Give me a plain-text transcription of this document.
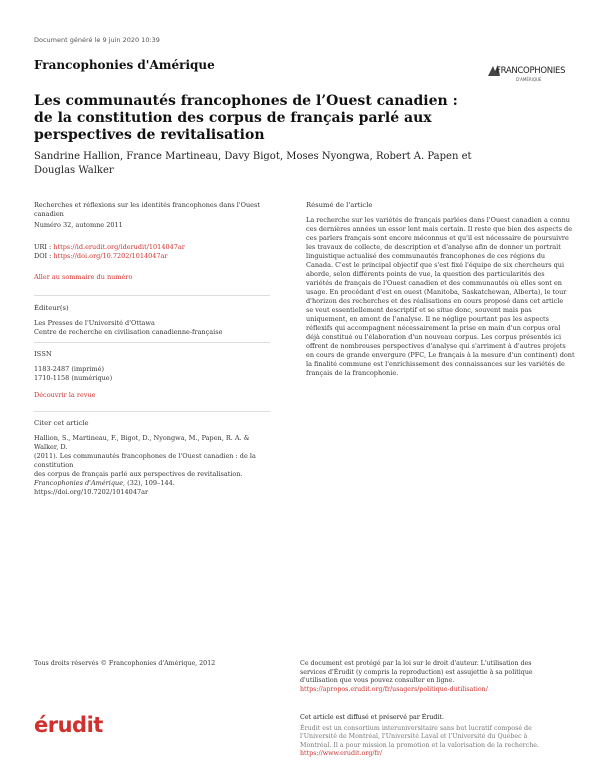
Document généré le 9 juin 2020 10:39
Francophonies d'Amérique	FRANCOPHONIES
D'AMÉRIQUE
Les communautés francophones de l’Ouest canadien : de la constitution des corpus de français parlé aux perspectives de revitalisation
Sandrine Hallion, France Martineau, Davy Bigot, Moses Nyongwa, Robert A. Papen et Douglas Walker
Recherches et réflexions sur les identités francophones dans l'Ouest canadien
Numéro 32, automne 2011
URI : https://id.erudit.org/iderudit/1014047ar
DOI : https://doi.org/10.7202/1014047ar
Aller au sommaire du numéro
Éditeur(s)
Les Presses de l'Université d'Ottawa
Centre de recherche en civilisation canadienne-française
ISSN
1183-2487 (imprimé)
1710-1158 (numérique)
Découvrir la revue
Citer cet article
Hallion, S., Martineau, F., Bigot, D., Nyongwa, M., Papen, R. A. & Walker, D.
(2011). Les communautés francophones de l'Ouest canadien : de la constitution
des corpus de français parlé aux perspectives de revitalisation.
Francophonies d'Amérique, (32), 109–144. https://doi.org/10.7202/1014047ar
Résumé de l'article
La recherche sur les variétés de français parlées dans l'Ouest canadien a connu
ces dernières années un essor lent mais certain. Il reste que bien des aspects de
ces parlers français sont encore méconnus et qu'il est nécessaire de poursuivre
les travaux de collecte, de description et d'analyse afin de donner un portrait
linguistique actualisé des communautés francophones de ces régions du
Canada. C'est le principal objectif que s'est fixé l'équipe de six chercheurs qui
aborde, selon différents points de vue, la question des particularités des
variétés de français de l'Ouest canadien et des communautés où elles sont en
usage. En procédant d'est en ouest (Manitoba, Saskatchewan, Alberta), le tour
d'horizon des recherches et des réalisations en cours proposé dans cet article
se veut essentiellement descriptif et se situe donc, souvent mais pas
uniquement, en amont de l'analyse. Il ne néglige pourtant pas les aspects
réflexifs qui accompagnent nécessairement la prise en main d'un corpus oral
déjà constitué ou l'élaboration d'un nouveau corpus. Les corpus présentés ici
offrent de nombreuses perspectives d'analyse qui s'arriment à d'autres projets
en cours de grande envergure (PFC, Le français à la mesure d'un continent) dont
la finalité commune est l'enrichissement des connaissances sur les variétés de
français de la francophonie.
Tous droits réservés © Francophonies d'Amérique, 2012	Ce document est protégé par la loi sur le droit d'auteur. L'utilisation des
services d'Érudit (y compris la reproduction) est assujettie à sa politique
d'utilisation que vous pouvez consulter en ligne.
https://apropos.erudit.org/fr/usagers/politique-dutilisation/
érudit	Cet article est diffusé et préservé par Érudit.
Érudit est un consortium interuniversitaire sans but lucratif composé de
l'Université de Montréal, l'Université Laval et l'Université du Québec à
Montréal. Il a pour mission la promotion et la valorisation de la recherche.
https://www.erudit.org/fr/
